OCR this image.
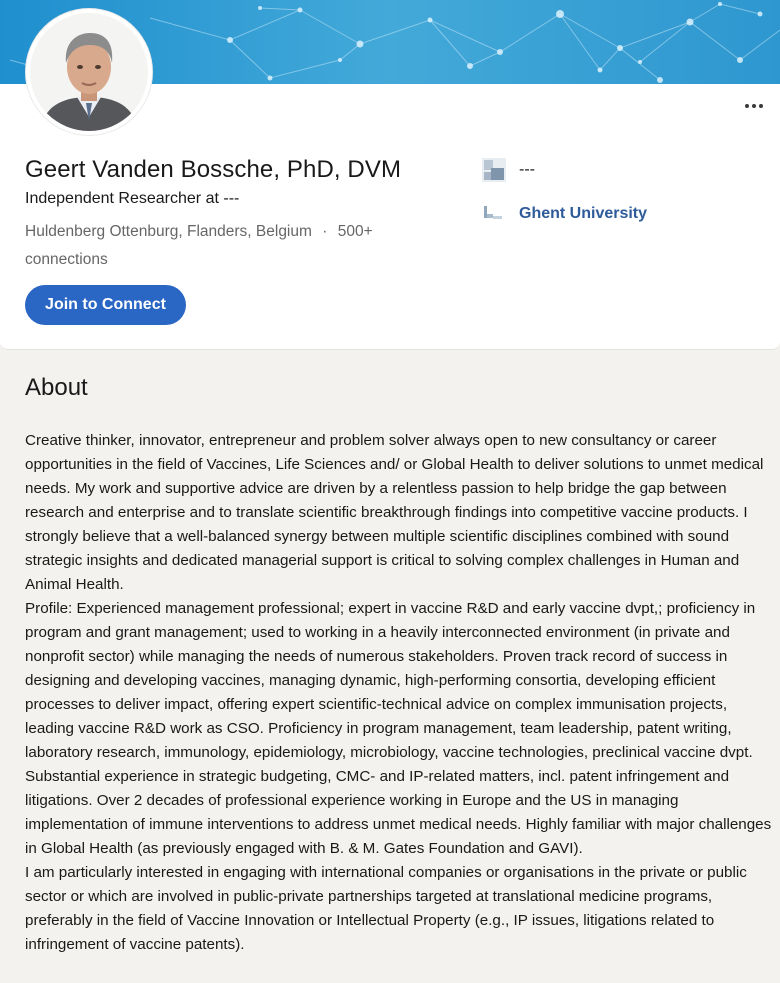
Geert Vanden Bossche, PhD, DVM
Independent Researcher at ---
Huldenberg Ottenburg, Flanders, Belgium · 500+ connections
Join to Connect
---
Ghent University
About

Creative thinker, innovator, entrepreneur and problem solver always open to new consultancy or career opportunities in the field of Vaccines, Life Sciences and/ or Global Health to deliver solutions to unmet medical needs. My work and supportive advice are driven by a relentless passion to help bridge the gap between research and enterprise and to translate scientific breakthrough findings into competitive vaccine products. I strongly believe that a well-balanced synergy between multiple scientific disciplines combined with sound strategic insights and dedicated managerial support is critical to solving complex challenges in Human and Animal Health.

Profile: Experienced management professional; expert in vaccine R&D and early vaccine dvpt,; proficiency in program and grant management; used to working in a heavily interconnected environment (in private and nonprofit sector) while managing the needs of numerous stakeholders. Proven track record of success in designing and developing vaccines, managing dynamic, high-performing consortia, developing efficient processes to deliver impact, offering expert scientific-technical advice on complex immunisation projects, leading vaccine R&D work as CSO. Proficiency in program management, team leadership, patent writing, laboratory research, immunology, epidemiology, microbiology, vaccine technologies, preclinical vaccine dvpt. Substantial experience in strategic budgeting, CMC- and IP-related matters, incl. patent infringement and litigations. Over 2 decades of professional experience working in Europe and the US in managing implementation of immune interventions to address unmet medical needs. Highly familiar with major challenges in Global Health (as previously engaged with B. & M. Gates Foundation and GAVI).

I am particularly interested in engaging with international companies or organisations in the private or public sector or which are involved in public-private partnerships targeted at translational medicine programs, preferably in the field of Vaccine Innovation or Intellectual Property (e.g., IP issues, litigations related to infringement of vaccine patents).
